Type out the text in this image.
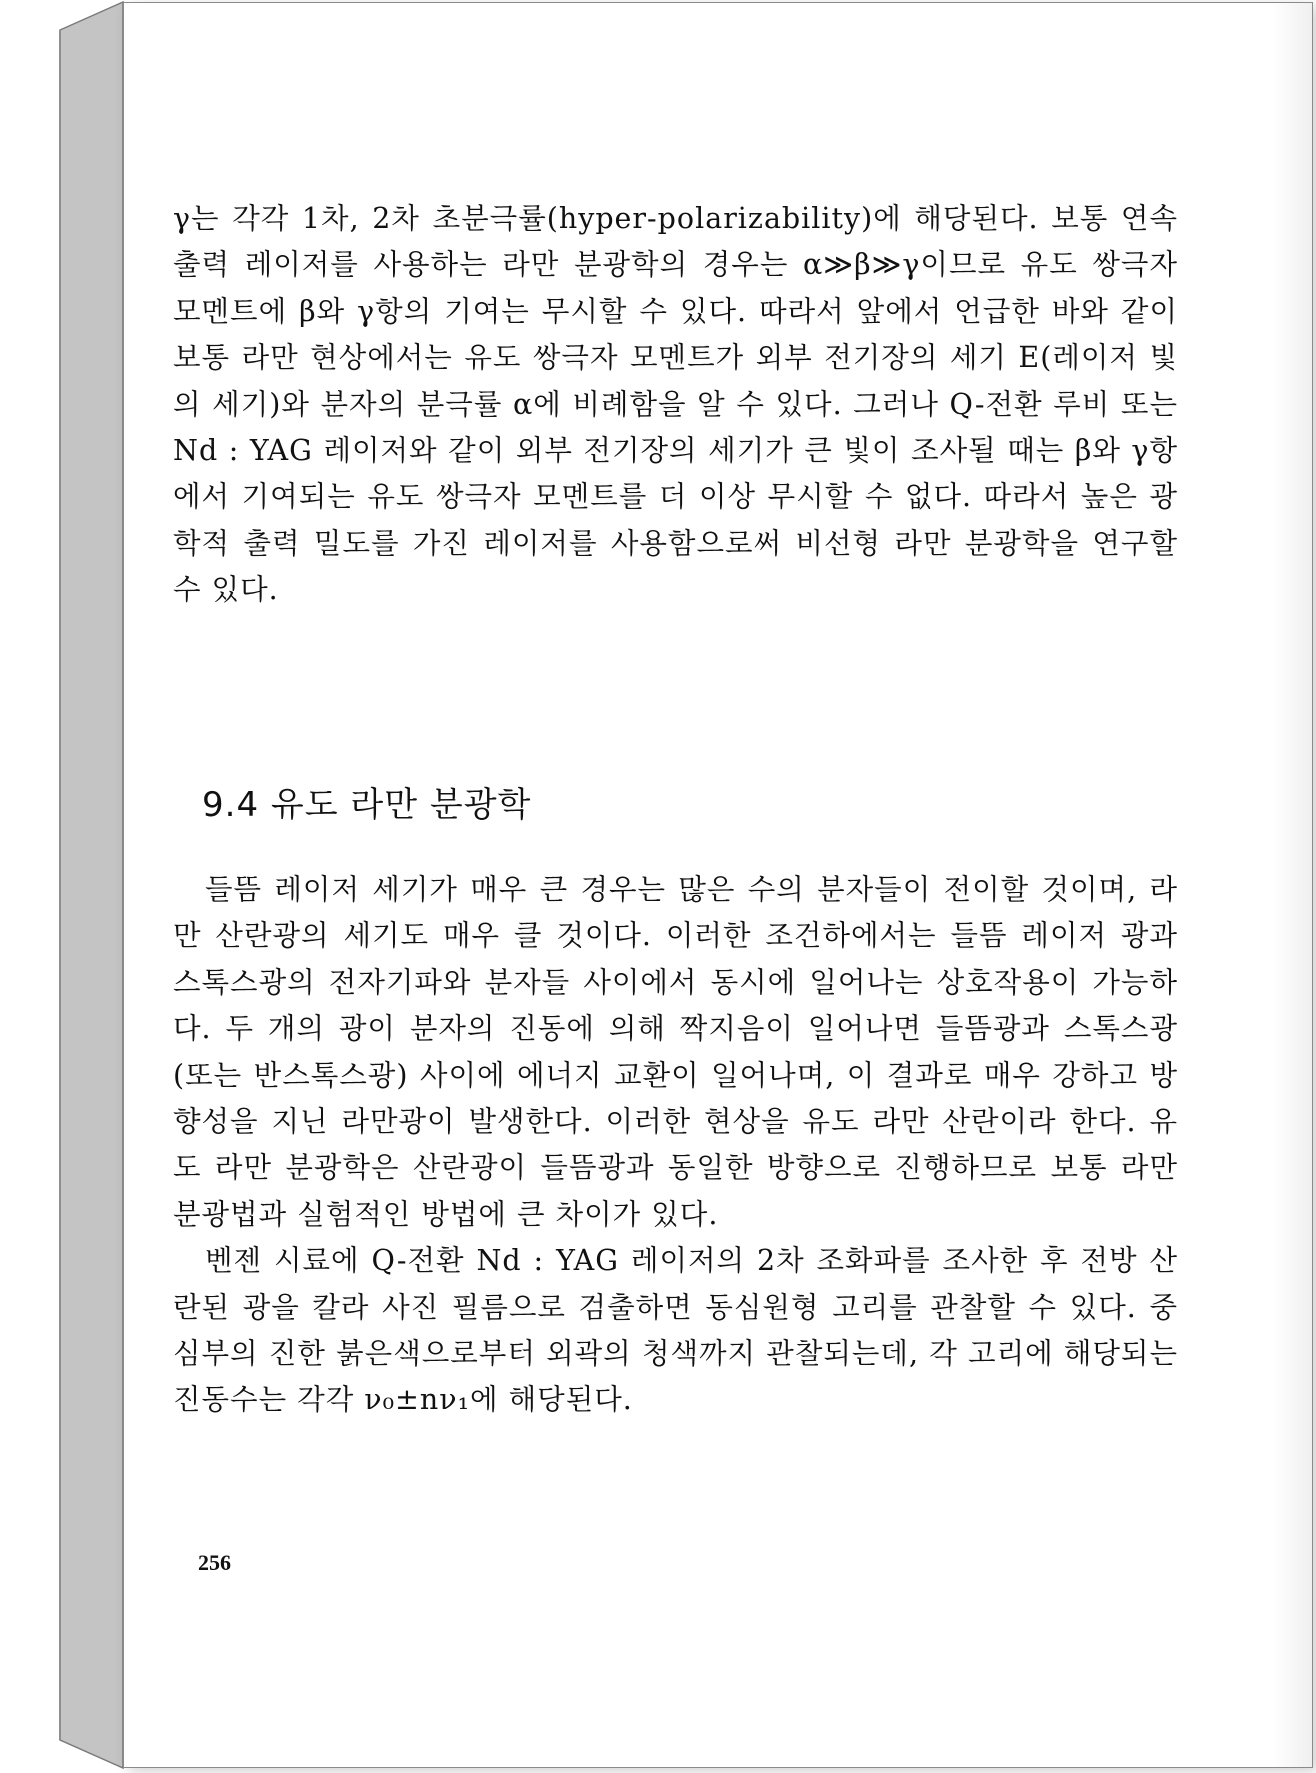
γ는 각각 1차, 2차 초분극률(hyper-polarizability)에 해당된다. 보통 연속 출력 레이저를 사용하는 라만 분광학의 경우는 α≫β≫γ이므로 유도 쌍극자 모멘트에 β와 γ항의 기여는 무시할 수 있다. 따라서 앞에서 언급한 바와 같이 보통 라만 현상에서는 유도 쌍극자 모멘트가 외부 전기장의 세기 E(레이저 빛의 세기)와 분자의 분극률 α에 비례함을 알 수 있다. 그러나 Q-전환 루비 또는 Nd : YAG 레이저와 같이 외부 전기장의 세기가 큰 빛이 조사될 때는 β와 γ항에서 기여되는 유도 쌍극자 모멘트를 더 이상 무시할 수 없다. 따라서 높은 광학적 출력 밀도를 가진 레이저를 사용함으로써 비선형 라만 분광학을 연구할 수 있다.

9.4 유도 라만 분광학

들뜸 레이저 세기가 매우 큰 경우는 많은 수의 분자들이 전이할 것이며, 라만 산란광의 세기도 매우 클 것이다. 이러한 조건하에서는 들뜸 레이저 광과 스톡스광의 전자기파와 분자들 사이에서 동시에 일어나는 상호작용이 가능하다. 두 개의 광이 분자의 진동에 의해 짝지음이 일어나면 들뜸광과 스톡스광(또는 반스톡스광) 사이에 에너지 교환이 일어나며, 이 결과로 매우 강하고 방향성을 지닌 라만광이 발생한다. 이러한 현상을 유도 라만 산란이라 한다. 유도 라만 분광학은 산란광이 들뜸광과 동일한 방향으로 진행하므로 보통 라만 분광법과 실험적인 방법에 큰 차이가 있다.

벤젠 시료에 Q-전환 Nd : YAG 레이저의 2차 조화파를 조사한 후 전방 산란된 광을 칼라 사진 필름으로 검출하면 동심원형 고리를 관찰할 수 있다. 중심부의 진한 붉은색으로부터 외곽의 청색까지 관찰되는데, 각 고리에 해당되는 진동수는 각각 ν₀±nν₁에 해당된다.

256
